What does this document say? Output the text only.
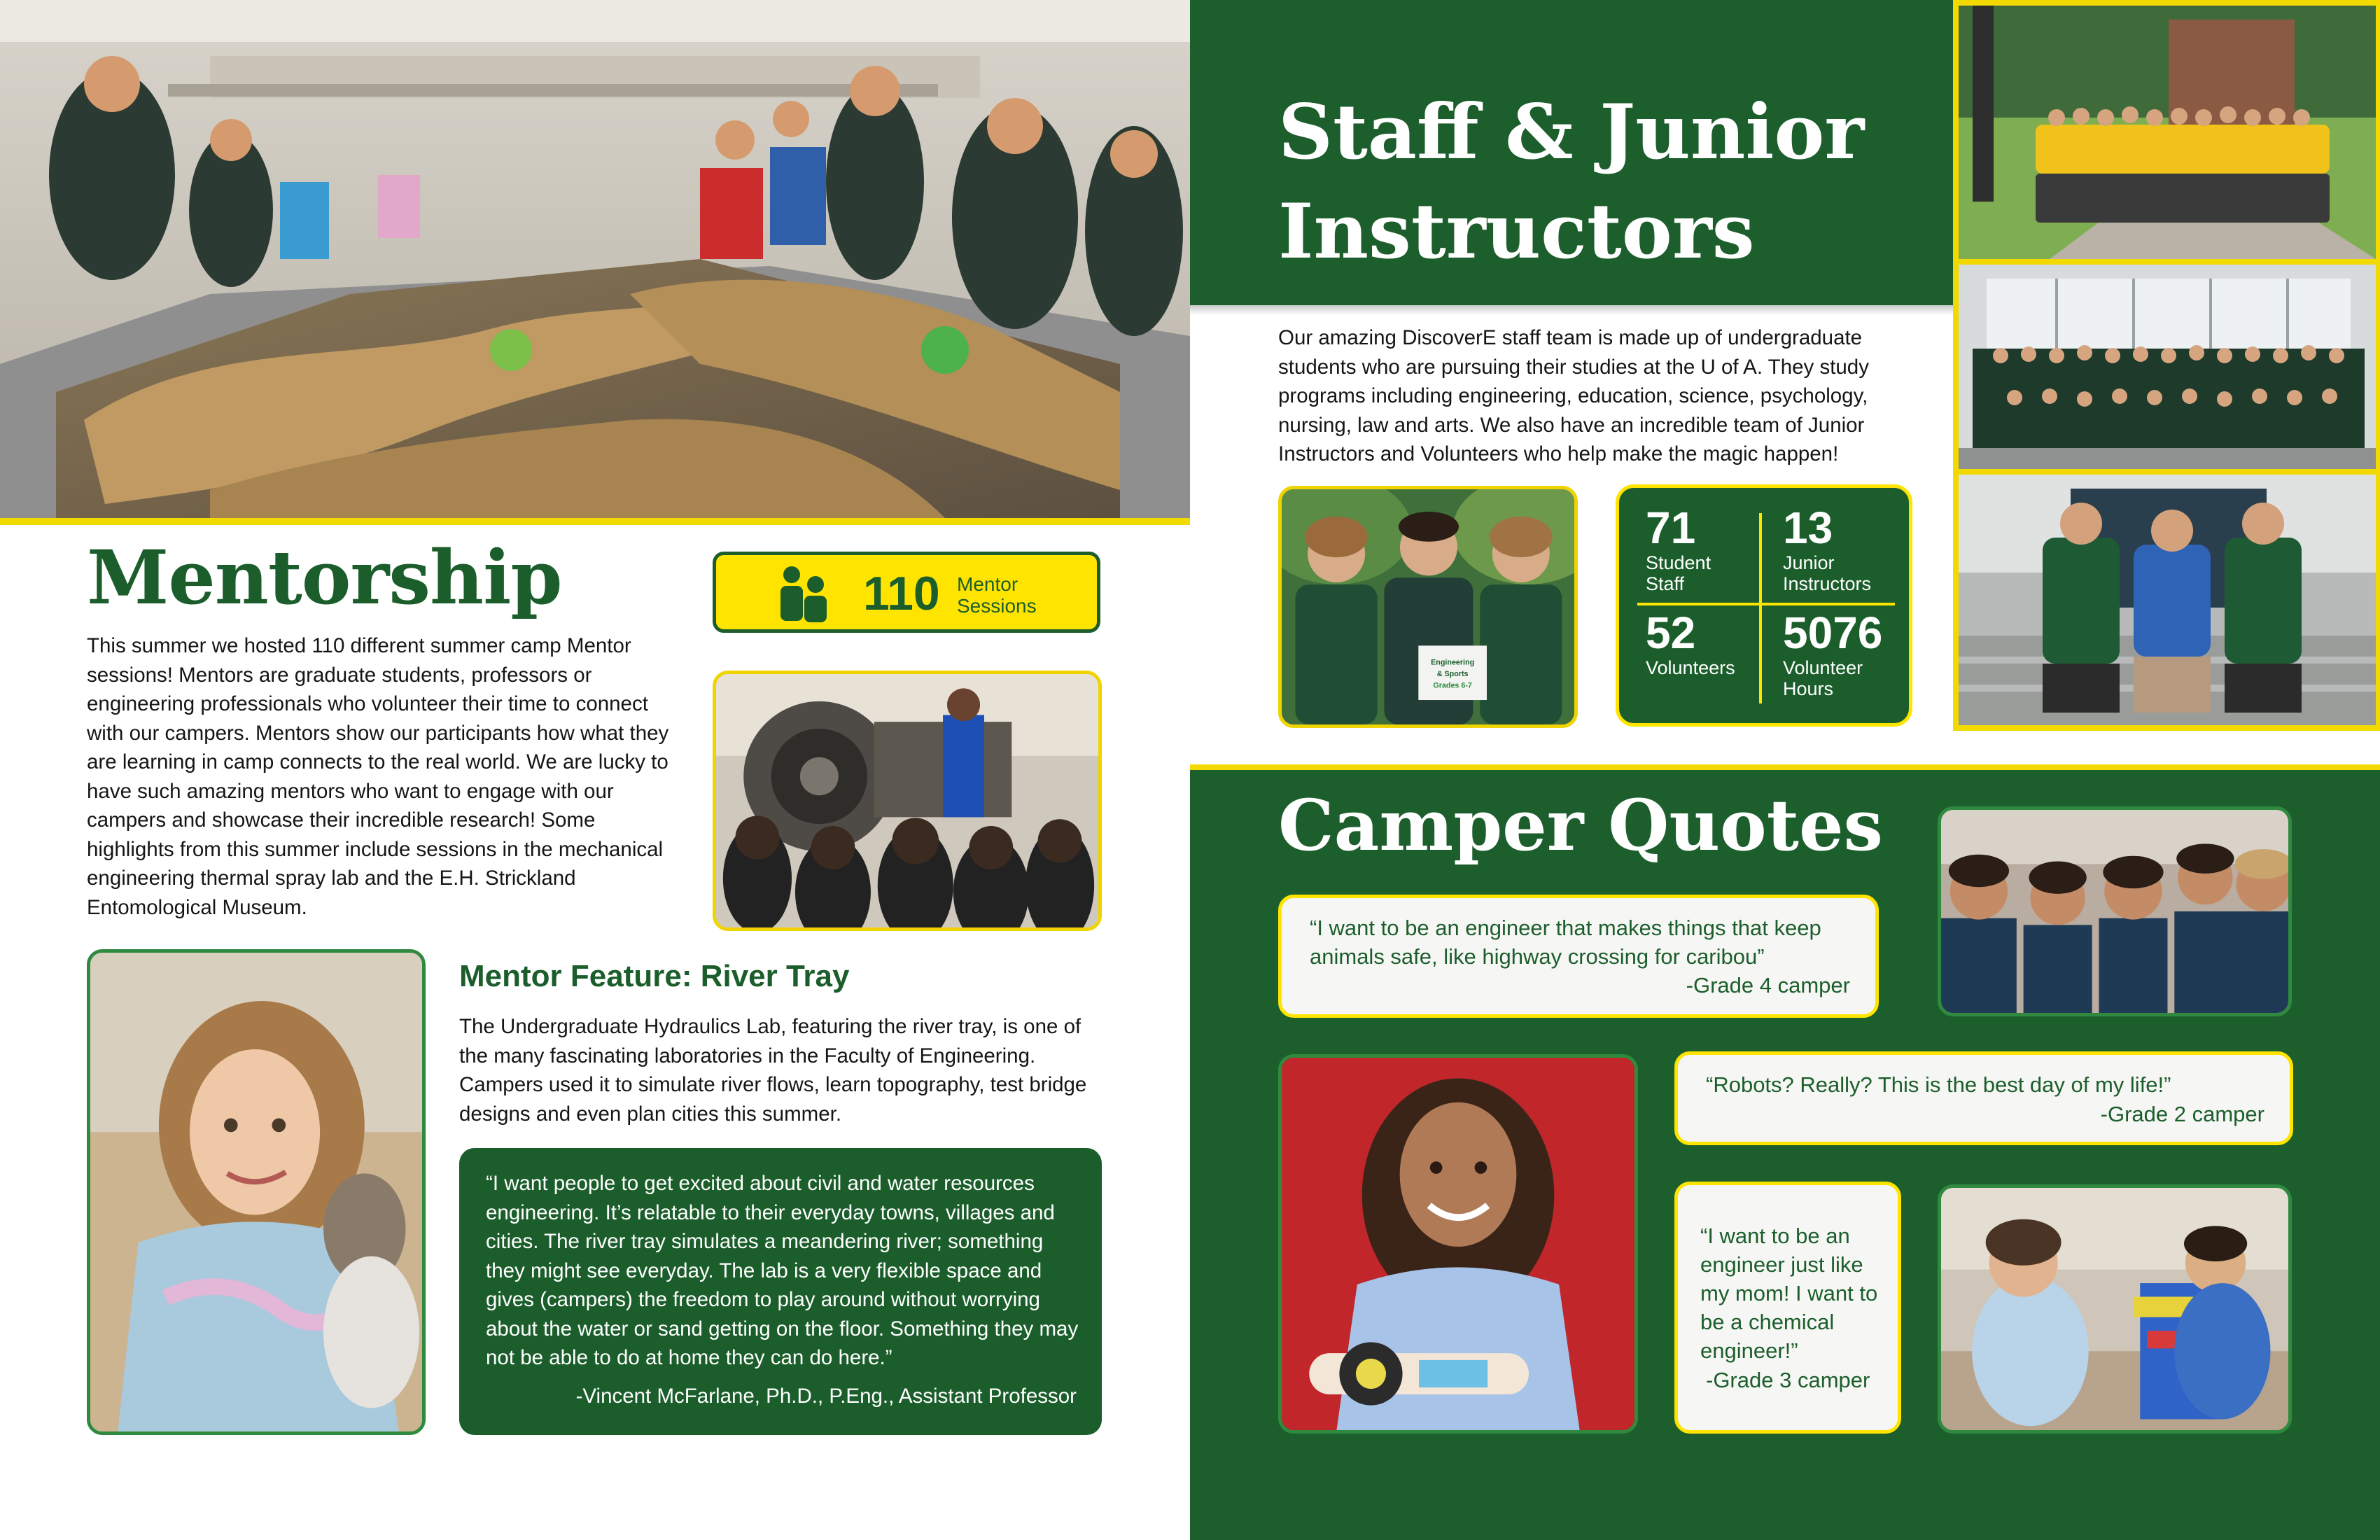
Mentorship
This summer we hosted 110 different summer camp Mentor sessions! Mentors are graduate students, professors or engineering professionals who volunteer their time to connect with our campers. Mentors show our participants how what they are learning in camp connects to the real world. We are lucky to have such amazing mentors who want to engage with our campers and showcase their incredible research! Some highlights from this summer include sessions in the mechanical engineering thermal spray lab and the E.H. Strickland Entomological Museum.
110 Mentor
Sessions
Mentor Feature: River Tray
The Undergraduate Hydraulics Lab, featuring the river tray, is one of the many fascinating laboratories in the Faculty of Engineering. Campers used it to simulate river flows, learn topography, test bridge designs and even plan cities this summer.
“I want people to get excited about civil and water resources engineering. It’s relatable to their everyday towns, villages and cities. The river tray simulates a meandering river; something they might see everyday. The lab is a very flexible space and gives (campers) the freedom to play around without worrying about the water or sand getting on the floor. Something they may not be able to do at home they can do here.”
-Vincent McFarlane, Ph.D., P.Eng., Assistant Professor
Staff & Junior
Instructors
Our amazing DiscoverE staff team is made up of undergraduate students who are pursuing their studies at the U of A. They study programs including engineering, education, science, psychology, nursing, law and arts. We also have an incredible team of Junior Instructors and Volunteers who help make the magic happen!
Engineering
& Sports
Grades 6-7
71
Student
Staff
13
Junior
Instructors
52
Volunteers
5076
Volunteer
Hours
Camper Quotes
“I want to be an engineer that makes things that keep animals safe, like highway crossing for caribou”
-Grade 4 camper
“Robots? Really? This is the best day of my life!”
-Grade 2 camper
“I want to be an engineer just like my mom! I want to be a chemical engineer!”
-Grade 3 camper
